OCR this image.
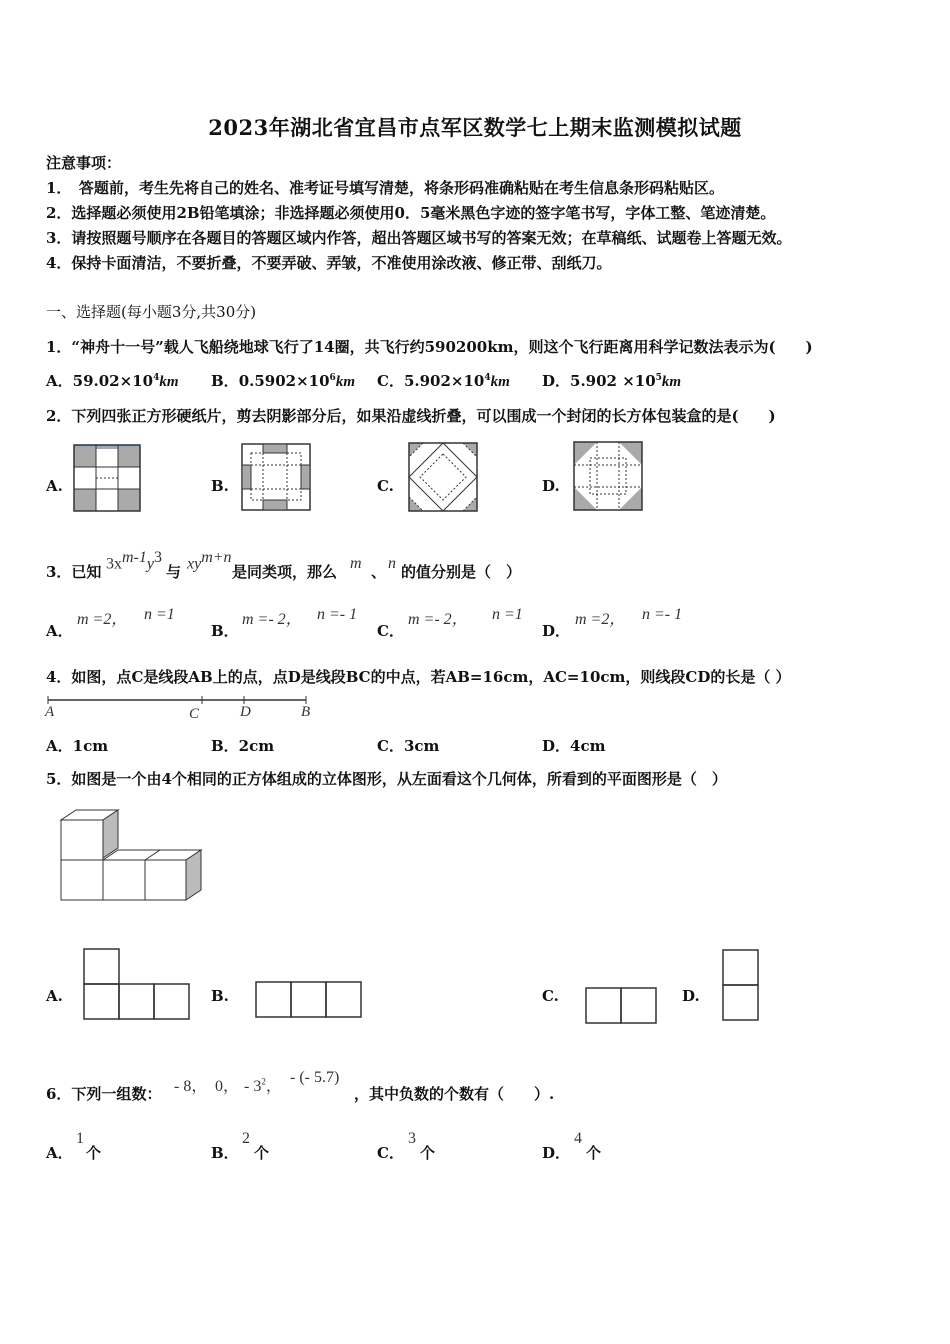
2023年湖北省宜昌市点军区数学七上期末监测模拟试题
注意事项：
1．　答题前，考生先将自己的姓名、准考证号填写清楚，将条形码准确粘贴在考生信息条形码粘贴区。
2．选择题必须使用2B铅笔填涂；非选择题必须使用0．5毫米黑色字迹的签字笔书写，字体工整、笔迹清楚。
3．请按照题号顺序在各题目的答题区域内作答，超出答题区域书写的答案无效；在草稿纸、试题卷上答题无效。
4．保持卡面清洁，不要折叠，不要弄破、弄皱，不准使用涂改液、修正带、刮纸刀。
一、选择题(每小题3分,共30分)
1．“神舟十一号”载人飞船绕地球飞行了14圈，共飞行约590200km，则这个飞行距离用科学记数法表示为(　　)
A．$59.02\times 10^4km$ B．$0.5902\times 10^6km$ C．$5.902\times 10^4km$ D．$5.902 \times 10^5km$
2．下列四张正方形硬纸片，剪去阴影部分后，如果沿虚线折叠，可以围成一个封闭的长方体包装盒的是(　　)
A.	B.	C.	D.
3．已知 $3x^{m-1}y^3$
与 $xy^{m+n}$
是同类项，那么 m 、 n 的值分别是（　）
A．
m =2， n =1
B．
m =- 2， n =- 1
C．
m =- 2， n =1
D．
m =2， n =- 1
4．如图，点C是线段AB上的点，点D是线段BC的中点，若AB=16cm，AC=10cm，则线段CD的长是（ ）
A	C	D	B
A．1cm	B．2cm	C．3cm	D．4cm
5．如图是一个由4个相同的正方体组成的立体图形，从左面看这个几何体，所看到的平面图形是（　）
A.	B.	C.	D.
6．下列一组数： - 8， 0， - $3^2$，
- (- 5.7)
，其中负数的个数有（　　）.
A．
1
个	B．
2
个	C．
3
个	D．
4
个
